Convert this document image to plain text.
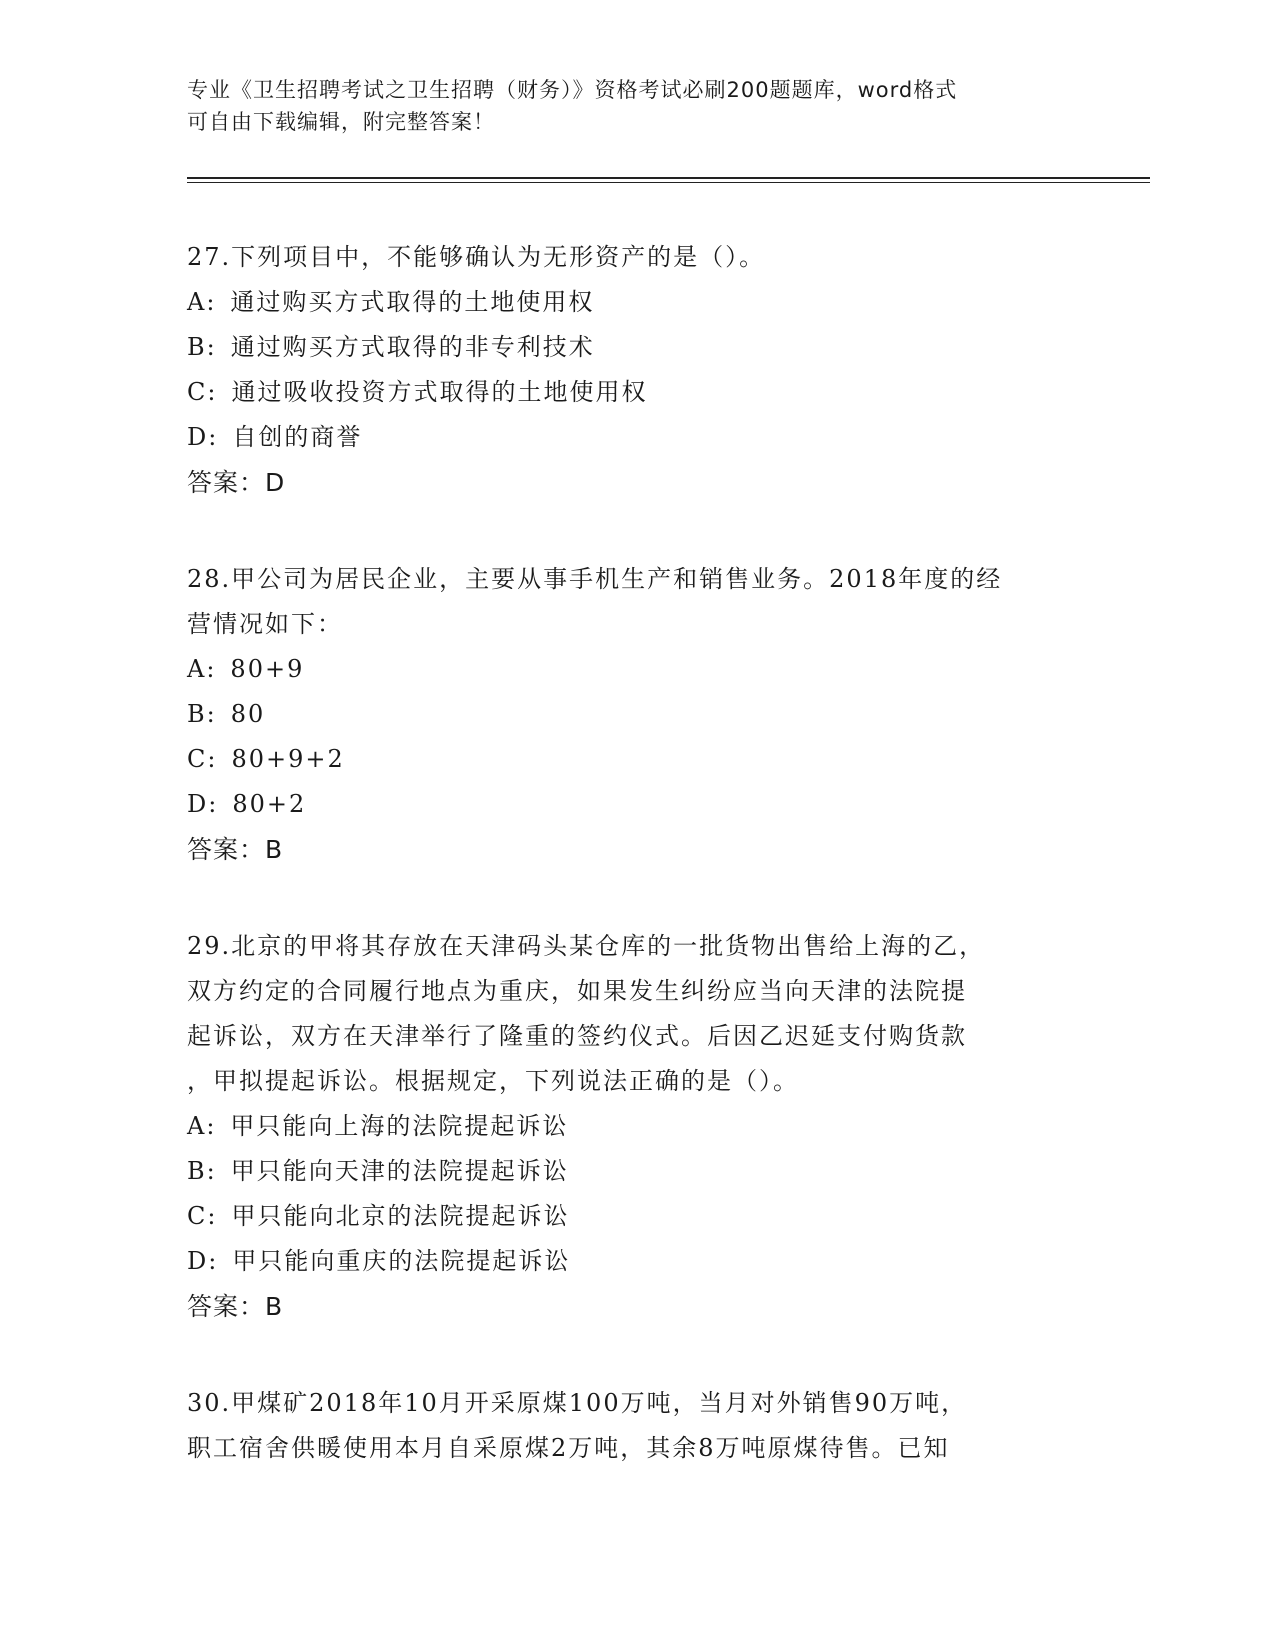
专业《卫生招聘考试之卫生招聘（财务）》资格考试必刷200题题库，word格式
可自由下载编辑，附完整答案！
27.下列项目中，不能够确认为无形资产的是（）。
A: 通过购买方式取得的土地使用权
B: 通过购买方式取得的非专利技术
C: 通过吸收投资方式取得的土地使用权
D: 自创的商誉
答案：D
28.甲公司为居民企业，主要从事手机生产和销售业务。2018年度的经
营情况如下：
A: 80+9
B: 80
C: 80+9+2
D: 80+2
答案：B
29.北京的甲将其存放在天津码头某仓库的一批货物出售给上海的乙，
双方约定的合同履行地点为重庆，如果发生纠纷应当向天津的法院提
起诉讼，双方在天津举行了隆重的签约仪式。后因乙迟延支付购货款
，甲拟提起诉讼。根据规定，下列说法正确的是（）。
A: 甲只能向上海的法院提起诉讼
B: 甲只能向天津的法院提起诉讼
C: 甲只能向北京的法院提起诉讼
D: 甲只能向重庆的法院提起诉讼
答案：B
30.甲煤矿2018年10月开采原煤100万吨，当月对外销售90万吨，
职工宿舍供暖使用本月自采原煤2万吨，其余8万吨原煤待售。已知
